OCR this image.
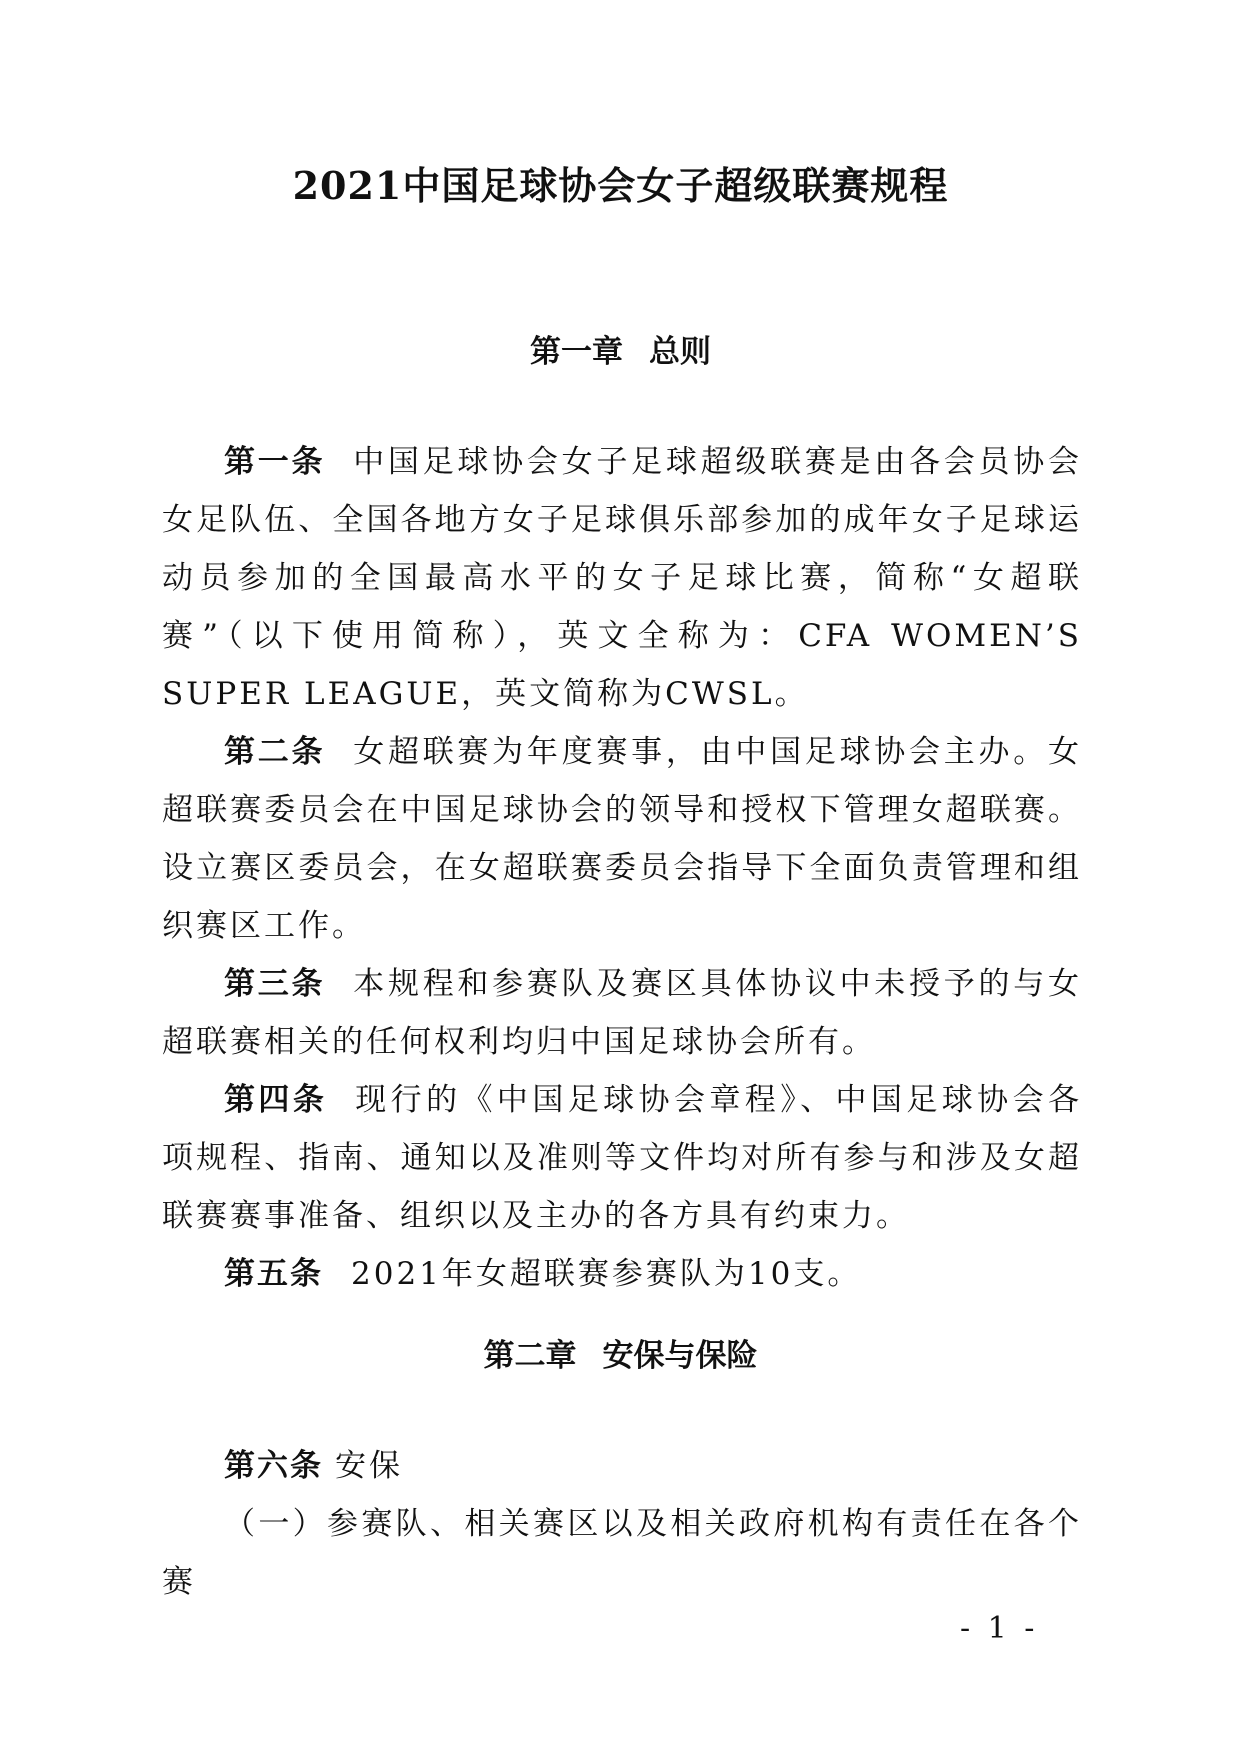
2021中国足球协会女子超级联赛规程
第一章 总则

第一条 中国足球协会女子足球超级联赛是由各会员协会女足队伍、全国各地方女子足球俱乐部参加的成年女子足球运动员参加的全国最高水平的女子足球比赛，简称“女超联赛”（以下使用简称），英文全称为：CFA WOMEN’S SUPER LEAGUE，英文简称为CWSL。

第二条 女超联赛为年度赛事，由中国足球协会主办。女超联赛委员会在中国足球协会的领导和授权下管理女超联赛。设立赛区委员会，在女超联赛委员会指导下全面负责管理和组织赛区工作。

第三条 本规程和参赛队及赛区具体协议中未授予的与女超联赛相关的任何权利均归中国足球协会所有。

第四条 现行的《中国足球协会章程》、中国足球协会各项规程、指南、通知以及准则等文件均对所有参与和涉及女超联赛赛事准备、组织以及主办的各方具有约束力。

第五条 2021年女超联赛参赛队为10支。

第二章 安保与保险

第六条 安保

（一）参赛队、相关赛区以及相关政府机构有责任在各个赛

- 1 -
